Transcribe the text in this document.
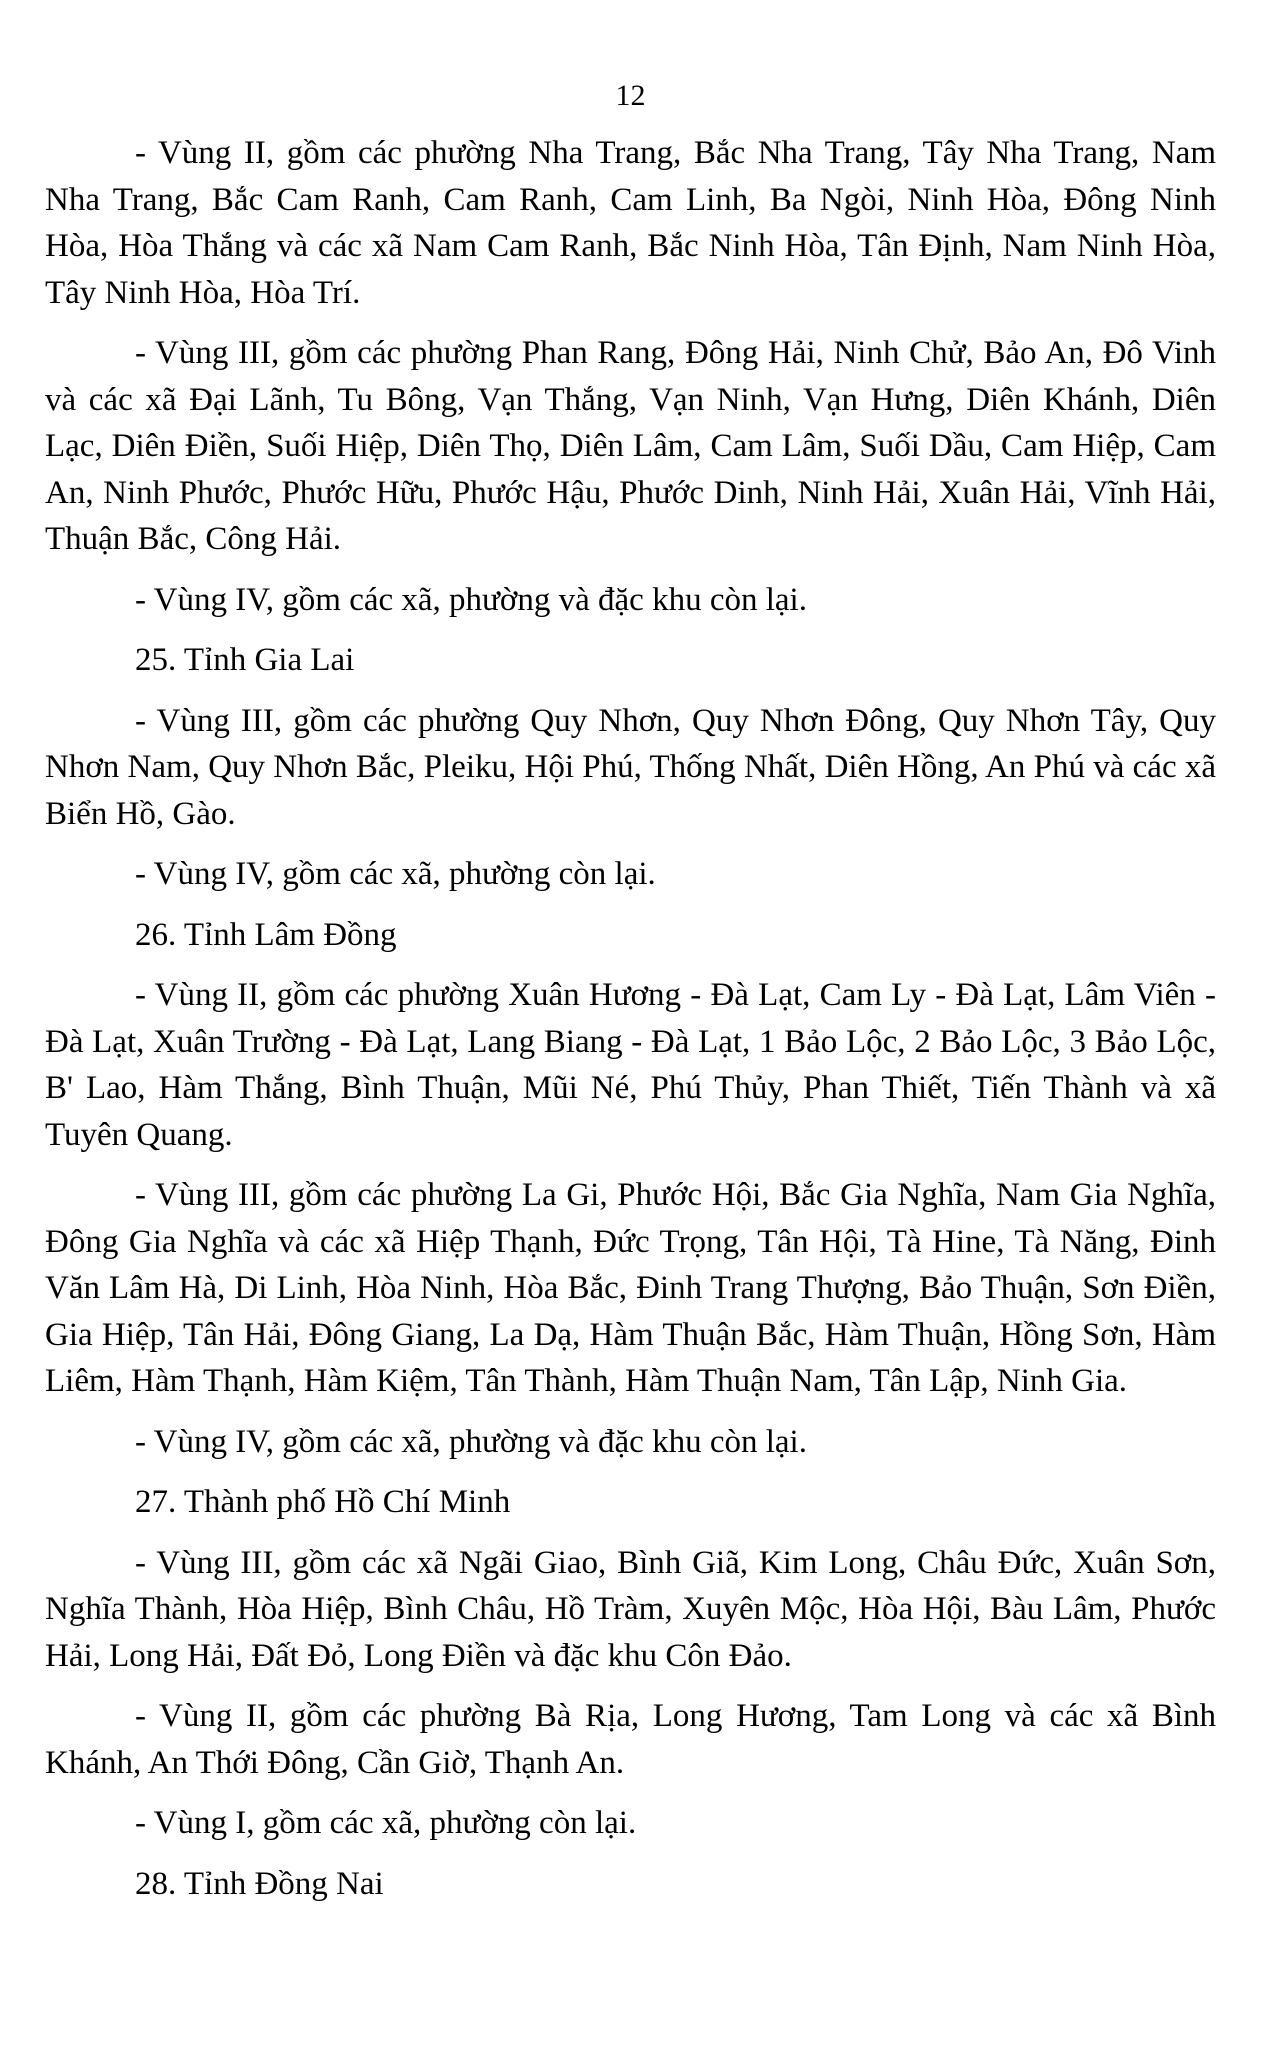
12

- Vùng II, gồm các phường Nha Trang, Bắc Nha Trang, Tây Nha Trang, Nam Nha Trang, Bắc Cam Ranh, Cam Ranh, Cam Linh, Ba Ngòi, Ninh Hòa, Đông Ninh Hòa, Hòa Thắng và các xã Nam Cam Ranh, Bắc Ninh Hòa, Tân Định, Nam Ninh Hòa, Tây Ninh Hòa, Hòa Trí.

- Vùng III, gồm các phường Phan Rang, Đông Hải, Ninh Chử, Bảo An, Đô Vinh và các xã Đại Lãnh, Tu Bông, Vạn Thắng, Vạn Ninh, Vạn Hưng, Diên Khánh, Diên Lạc, Diên Điền, Suối Hiệp, Diên Thọ, Diên Lâm, Cam Lâm, Suối Dầu, Cam Hiệp, Cam An, Ninh Phước, Phước Hữu, Phước Hậu, Phước Dinh, Ninh Hải, Xuân Hải, Vĩnh Hải, Thuận Bắc, Công Hải.

- Vùng IV, gồm các xã, phường và đặc khu còn lại.

25. Tỉnh Gia Lai

- Vùng III, gồm các phường Quy Nhơn, Quy Nhơn Đông, Quy Nhơn Tây, Quy Nhơn Nam, Quy Nhơn Bắc, Pleiku, Hội Phú, Thống Nhất, Diên Hồng, An Phú và các xã Biển Hồ, Gào.

- Vùng IV, gồm các xã, phường còn lại.

26. Tỉnh Lâm Đồng

- Vùng II, gồm các phường Xuân Hương - Đà Lạt, Cam Ly - Đà Lạt, Lâm Viên - Đà Lạt, Xuân Trường - Đà Lạt, Lang Biang - Đà Lạt, 1 Bảo Lộc, 2 Bảo Lộc, 3 Bảo Lộc, B' Lao, Hàm Thắng, Bình Thuận, Mũi Né, Phú Thủy, Phan Thiết, Tiến Thành và xã Tuyên Quang.

- Vùng III, gồm các phường La Gi, Phước Hội, Bắc Gia Nghĩa, Nam Gia Nghĩa, Đông Gia Nghĩa và các xã Hiệp Thạnh, Đức Trọng, Tân Hội, Tà Hine, Tà Năng, Đinh Văn Lâm Hà, Di Linh, Hòa Ninh, Hòa Bắc, Đinh Trang Thượng, Bảo Thuận, Sơn Điền, Gia Hiệp, Tân Hải, Đông Giang, La Dạ, Hàm Thuận Bắc, Hàm Thuận, Hồng Sơn, Hàm Liêm, Hàm Thạnh, Hàm Kiệm, Tân Thành, Hàm Thuận Nam, Tân Lập, Ninh Gia.

- Vùng IV, gồm các xã, phường và đặc khu còn lại.

27. Thành phố Hồ Chí Minh

- Vùng III, gồm các xã Ngãi Giao, Bình Giã, Kim Long, Châu Đức, Xuân Sơn, Nghĩa Thành, Hòa Hiệp, Bình Châu, Hồ Tràm, Xuyên Mộc, Hòa Hội, Bàu Lâm, Phước Hải, Long Hải, Đất Đỏ, Long Điền và đặc khu Côn Đảo.

- Vùng II, gồm các phường Bà Rịa, Long Hương, Tam Long và các xã Bình Khánh, An Thới Đông, Cần Giờ, Thạnh An.

- Vùng I, gồm các xã, phường còn lại.

28. Tỉnh Đồng Nai
